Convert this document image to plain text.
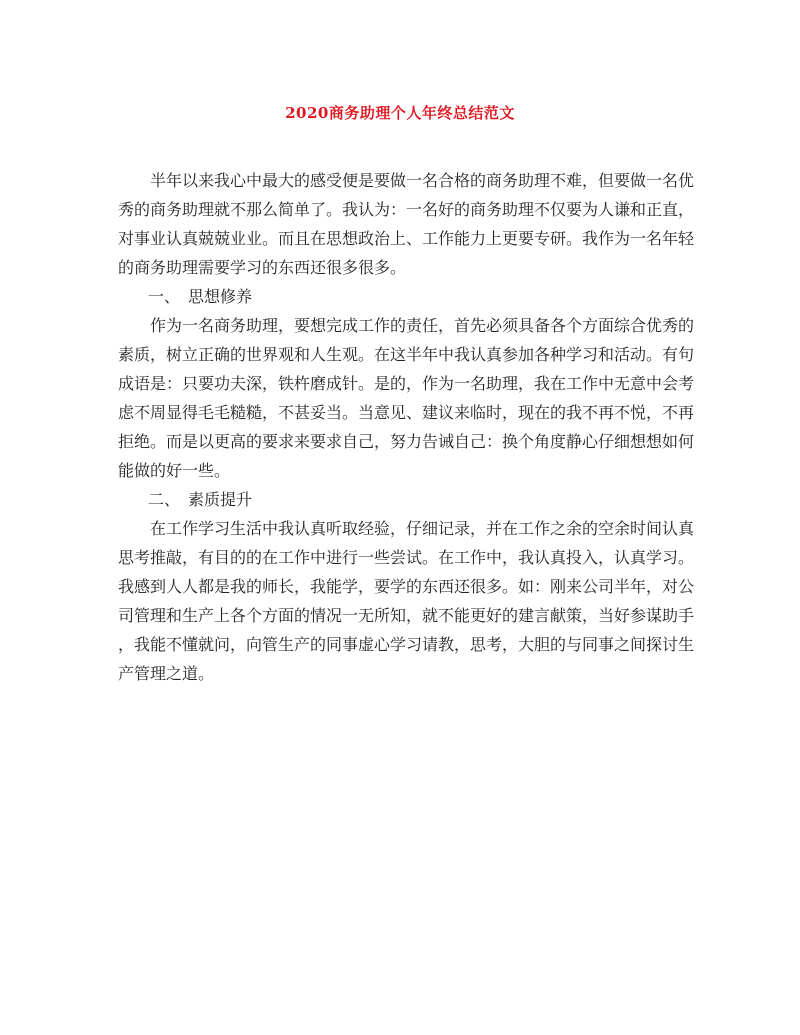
2020商务助理个人年终总结范文
半年以来我心中最大的感受便是要做一名合格的商务助理不难，但要做一名优
秀的商务助理就不那么简单了。我认为：一名好的商务助理不仅要为人谦和正直，
对事业认真兢兢业业。而且在思想政治上、工作能力上更要专研。我作为一名年轻
的商务助理需要学习的东西还很多很多。
一、 思想修养
作为一名商务助理，要想完成工作的责任，首先必须具备各个方面综合优秀的
素质，树立正确的世界观和人生观。在这半年中我认真参加各种学习和活动。有句
成语是：只要功夫深，铁杵磨成针。是的，作为一名助理，我在工作中无意中会考
虑不周显得毛毛糙糙，不甚妥当。当意见、建议来临时，现在的我不再不悦，不再
拒绝。而是以更高的要求来要求自己，努力告诫自己：换个角度静心仔细想想如何
能做的好一些。
二、 素质提升
在工作学习生活中我认真听取经验，仔细记录，并在工作之余的空余时间认真
思考推敲，有目的的在工作中进行一些尝试。在工作中，我认真投入，认真学习。
我感到人人都是我的师长，我能学，要学的东西还很多。如：刚来公司半年，对公
司管理和生产上各个方面的情况一无所知，就不能更好的建言献策，当好参谋助手
，我能不懂就问，向管生产的同事虚心学习请教，思考，大胆的与同事之间探讨生
产管理之道。
